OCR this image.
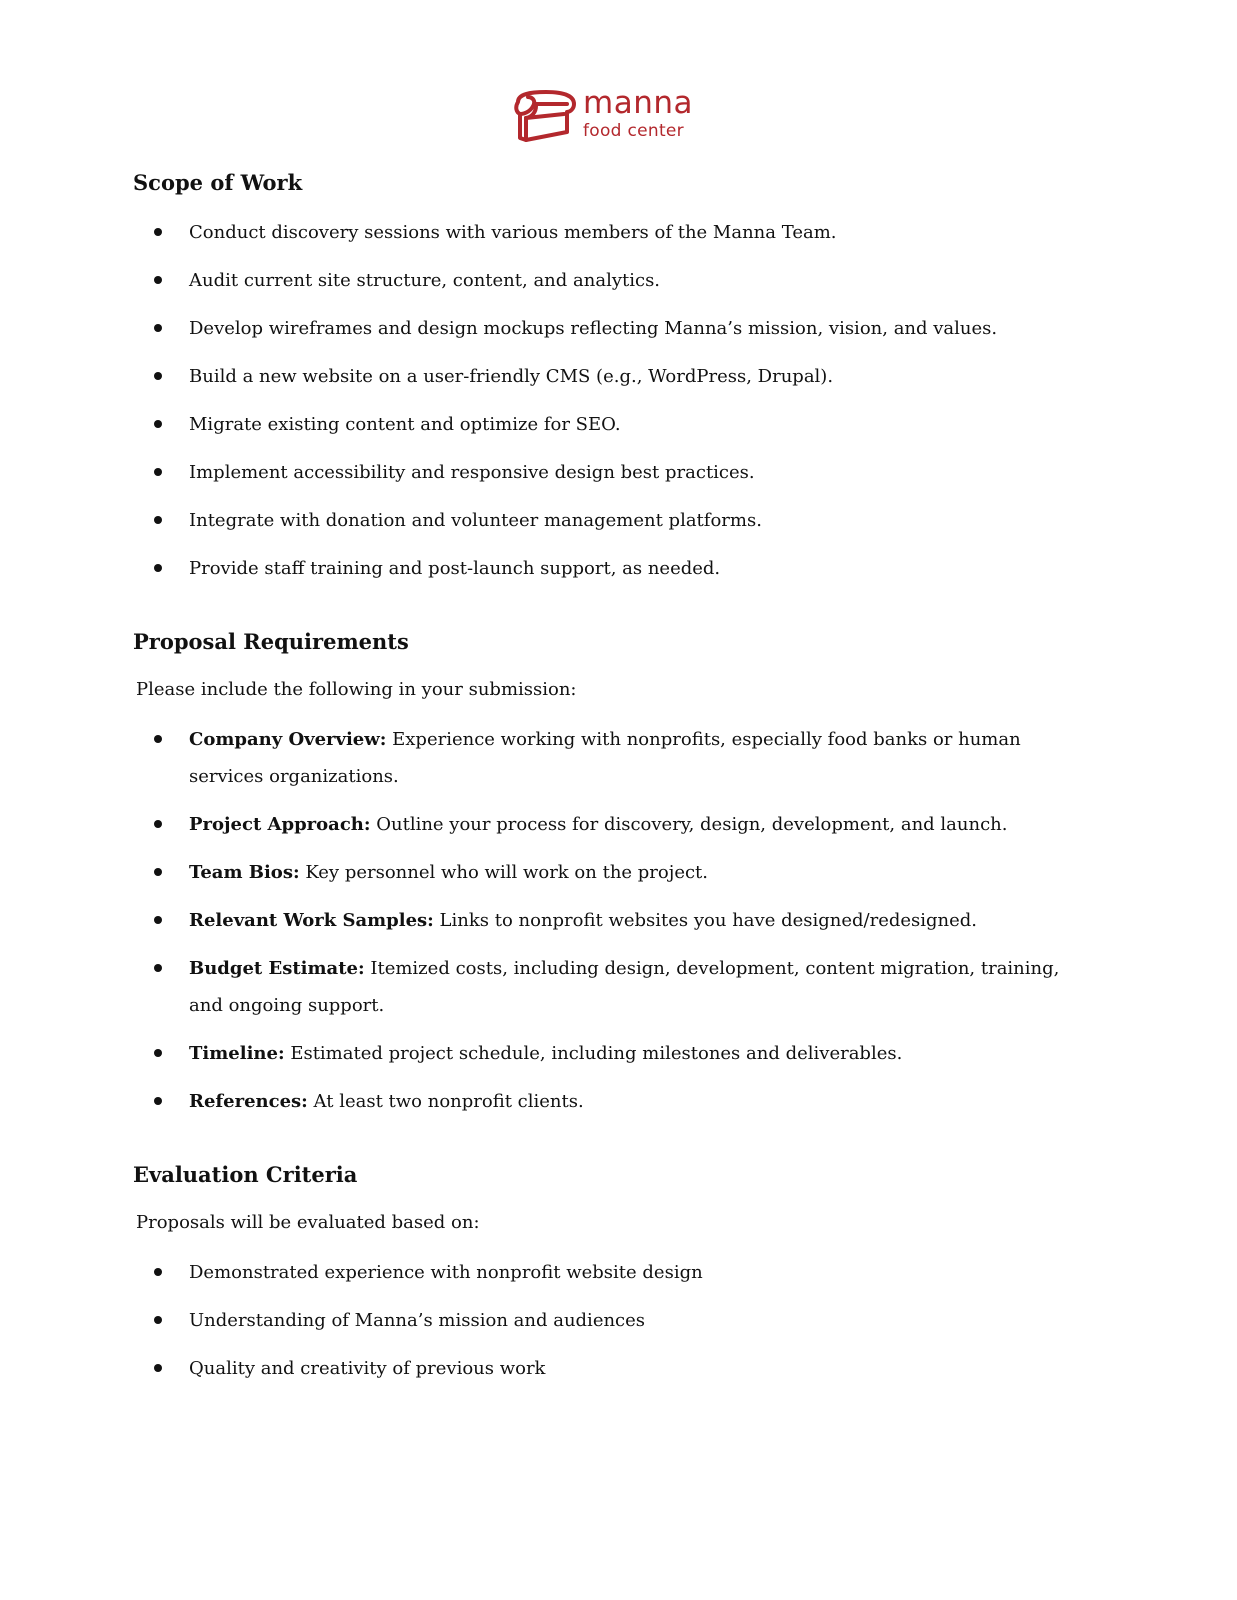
manna
food center
Scope of Work
Conduct discovery sessions with various members of the Manna Team.
Audit current site structure, content, and analytics.
Develop wireframes and design mockups reflecting Manna’s mission, vision, and values.
Build a new website on a user-friendly CMS (e.g., WordPress, Drupal).
Migrate existing content and optimize for SEO.
Implement accessibility and responsive design best practices.
Integrate with donation and volunteer management platforms.
Provide staff training and post-launch support, as needed.
Proposal Requirements

Please include the following in your submission:

Company Overview: Experience working with nonprofits, especially food banks or human services organizations.
Project Approach: Outline your process for discovery, design, development, and launch.
Team Bios: Key personnel who will work on the project.
Relevant Work Samples: Links to nonprofit websites you have designed/redesigned.
Budget Estimate: Itemized costs, including design, development, content migration, training, and ongoing support.
Timeline: Estimated project schedule, including milestones and deliverables.
References: At least two nonprofit clients.
Evaluation Criteria

Proposals will be evaluated based on:

Demonstrated experience with nonprofit website design
Understanding of Manna’s mission and audiences
Quality and creativity of previous work
